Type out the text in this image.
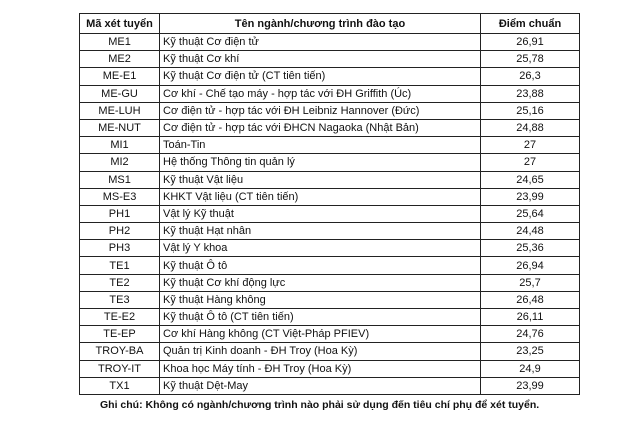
Mã xét tuyển	Tên ngành/chương trình đào tạo	Điểm chuẩn
ME1	Kỹ thuật Cơ điện tử	26,91
ME2	Kỹ thuật Cơ khí	25,78
ME-E1	Kỹ thuật Cơ điện tử (CT tiên tiến)	26,3
ME-GU	Cơ khí - Chế tạo máy - hợp tác với ĐH Griffith (Úc)	23,88
ME-LUH	Cơ điện tử - hợp tác với ĐH Leibniz Hannover (Đức)	25,16
ME-NUT	Cơ điện tử - hợp tác với ĐHCN Nagaoka (Nhật Bản)	24,88
MI1	Toán-Tin	27
MI2	Hệ thống Thông tin quản lý	27
MS1	Kỹ thuật Vật liệu	24,65
MS-E3	KHKT Vật liệu (CT tiên tiến)	23,99
PH1	Vật lý Kỹ thuật	25,64
PH2	Kỹ thuật Hạt nhân	24,48
PH3	Vật lý Y khoa	25,36
TE1	Kỹ thuật Ô tô	26,94
TE2	Kỹ thuật Cơ khí động lực	25,7
TE3	Kỹ thuật Hàng không	26,48
TE-E2	Kỹ thuật Ô tô (CT tiên tiến)	26,11
TE-EP	Cơ khí Hàng không (CT Việt-Pháp PFIEV)	24,76
TROY-BA	Quản trị Kinh doanh - ĐH Troy (Hoa Kỳ)	23,25
TROY-IT	Khoa học Máy tính - ĐH Troy (Hoa Kỳ)	24,9
TX1	Kỹ thuật Dệt-May	23,99
Ghi chú: Không có ngành/chương trình nào phải sử dụng đến tiêu chí phụ để xét tuyển.
